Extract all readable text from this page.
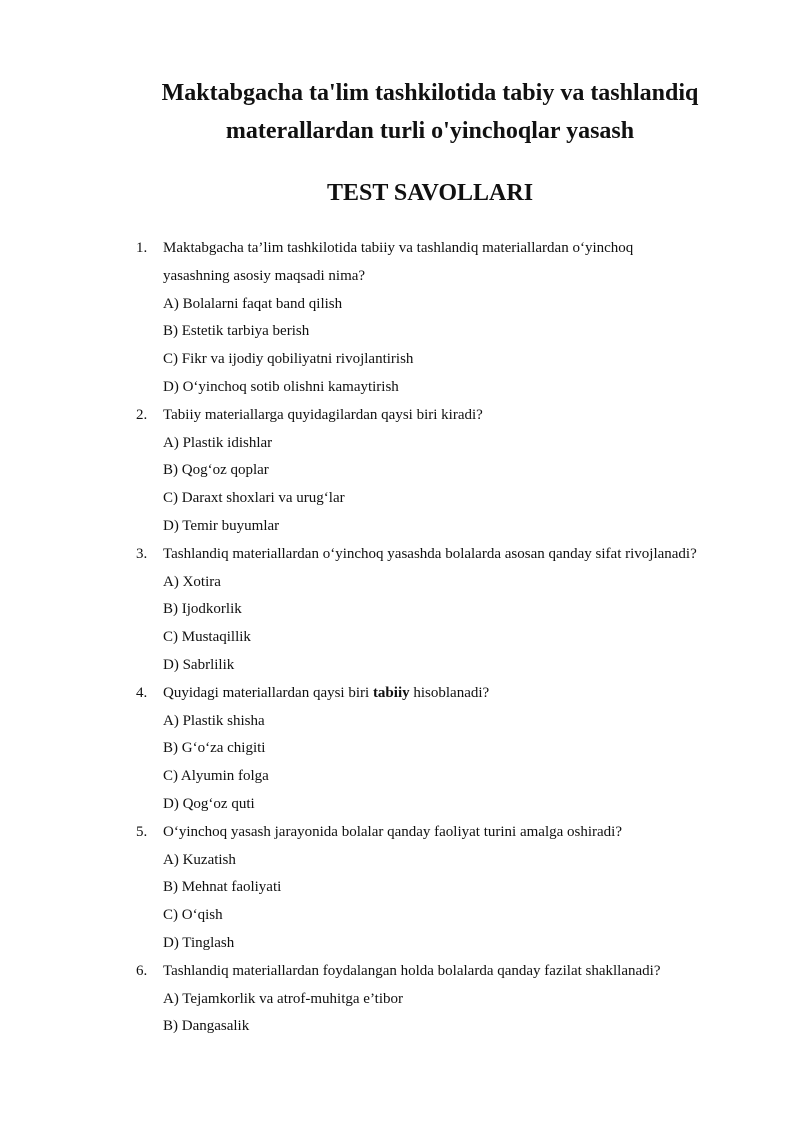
Maktabgacha ta'lim tashkilotida tabiy va tashlandiq
materallardan turli o'yinchoqlar yasash
TEST SAVOLLARI
1.	Maktabgacha ta’lim tashkilotida tabiiy va tashlandiq materiallardan o‘yinchoq
yasashning asosiy maqsadi nima?
A) Bolalarni faqat band qilish
B) Estetik tarbiya berish
C) Fikr va ijodiy qobiliyatni rivojlantirish
D) O‘yinchoq sotib olishni kamaytirish
2.	Tabiiy materiallarga quyidagilardan qaysi biri kiradi?
A) Plastik idishlar
B) Qog‘oz qoplar
C) Daraxt shoxlari va urug‘lar
D) Temir buyumlar
3.	Tashlandiq materiallardan o‘yinchoq yasashda bolalarda asosan qanday sifat rivojlanadi?
A) Xotira
B) Ijodkorlik
C) Mustaqillik
D) Sabrlilik
4.	Quyidagi materiallardan qaysi biri tabiiy hisoblanadi?
A) Plastik shisha
B) G‘o‘za chigiti
C) Alyumin folga
D) Qog‘oz quti
5.	O‘yinchoq yasash jarayonida bolalar qanday faoliyat turini amalga oshiradi?
A) Kuzatish
B) Mehnat faoliyati
C) O‘qish
D) Tinglash
6.	Tashlandiq materiallardan foydalangan holda bolalarda qanday fazilat shakllanadi?
A) Tejamkorlik va atrof-muhitga e’tibor
B) Dangasalik
